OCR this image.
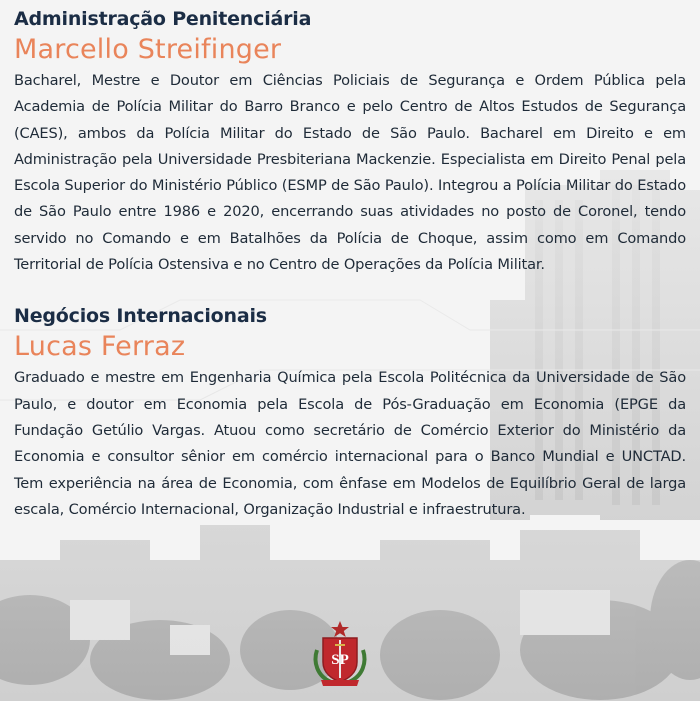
Administração Penitenciária
Marcello Streifinger

Bacharel, Mestre e Doutor em Ciências Policiais de Segurança e Ordem Pública pela Academia de Polícia Militar do Barro Branco e pelo Centro de Altos Estudos de Segurança (CAES), ambos da Polícia Militar do Estado de São Paulo. Bacharel em Direito e em Administração pela Universidade Presbiteriana Mackenzie. Especialista em Direito Penal pela Escola Superior do Ministério Público (ESMP de São Paulo). Integrou a Polícia Militar do Estado de São Paulo entre 1986 e 2020, encerrando suas atividades no posto de Coronel, tendo servido no Comando e em Batalhões da Polícia de Choque, assim como em Comando Territorial de Polícia Ostensiva e no Centro de Operações da Polícia Militar.

Negócios Internacionais
Lucas Ferraz

Graduado e mestre em Engenharia Química pela Escola Politécnica da Universidade de São Paulo, e doutor em Economia pela Escola de Pós-Graduação em Economia (EPGE da Fundação Getúlio Vargas. Atuou como secretário de Comércio Exterior do Ministério da Economia e consultor sênior em comércio internacional para o Banco Mundial e UNCTAD. Tem experiência na área de Economia, com ênfase em Modelos de Equilíbrio Geral de larga escala, Comércio Internacional, Organização Industrial e infraestrutura.

SP
